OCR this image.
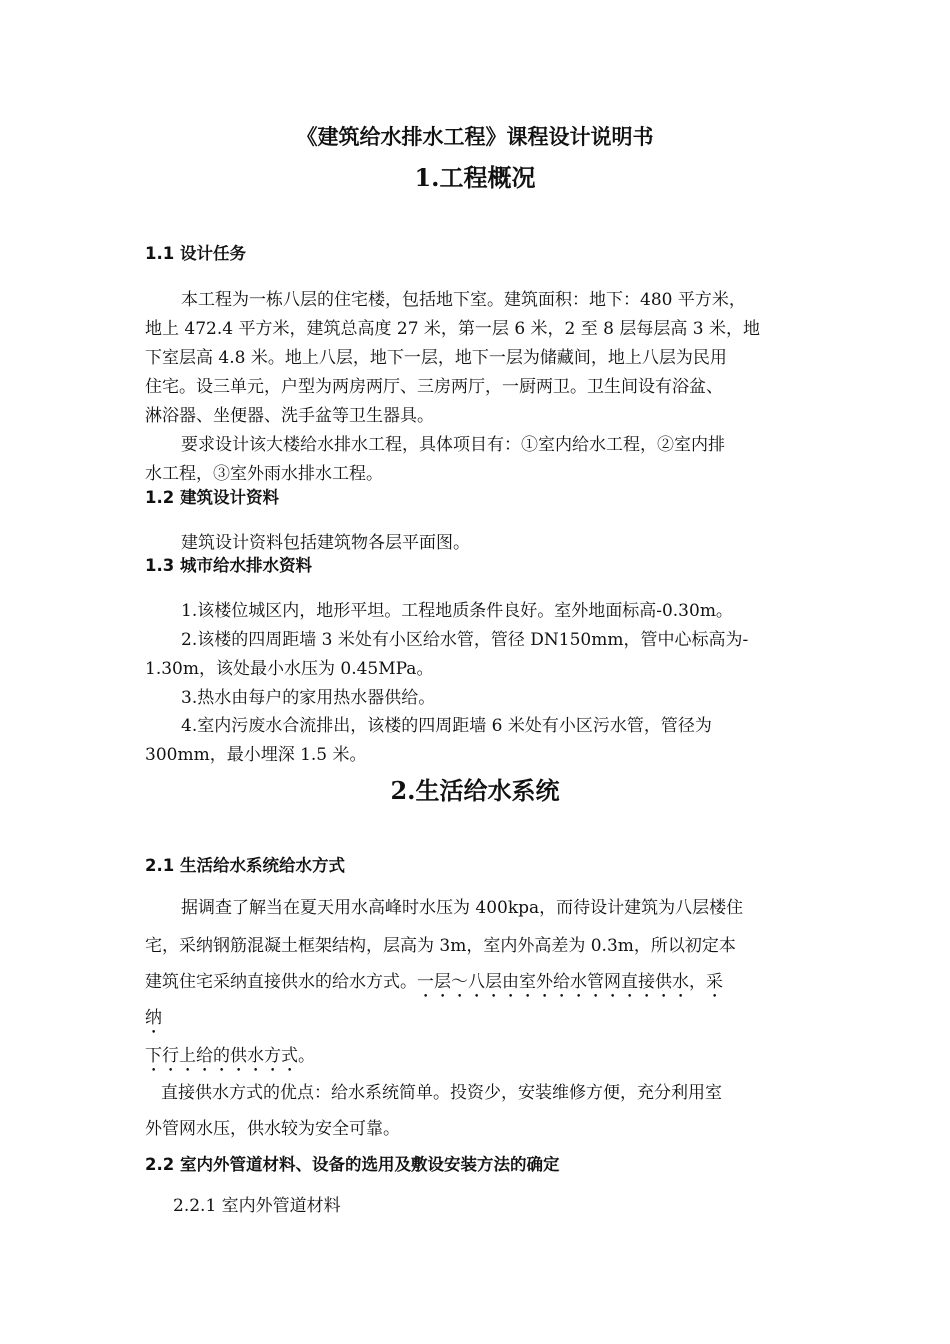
《建筑给水排水工程》课程设计说明书
1.工程概况
1.1 设计任务
本工程为一栋八层的住宅楼，包括地下室。建筑面积：地下：480 平方米，
地上 472.4 平方米，建筑总高度 27 米，第一层 6 米，2 至 8 层每层高 3 米，地
下室层高 4.8 米。地上八层，地下一层，地下一层为储藏间，地上八层为民用
住宅。设三单元，户型为两房两厅、三房两厅，一厨两卫。卫生间设有浴盆、
淋浴器、坐便器、洗手盆等卫生器具。
要求设计该大楼给水排水工程，具体项目有：①室内给水工程，②室内排
水工程，③室外雨水排水工程。
1.2 建筑设计资料
建筑设计资料包括建筑物各层平面图。
1.3 城市给水排水资料
1.该楼位城区内，地形平坦。工程地质条件良好。室外地面标高-0.30m。
2.该楼的四周距墙 3 米处有小区给水管，管径 DN150mm，管中心标高为-
1.30m，该处最小水压为 0.45MPa。
3.热水由每户的家用热水器供给。
4.室内污废水合流排出，该楼的四周距墙 6 米处有小区污水管，管径为
300mm，最小埋深 1.5 米。
2.生活给水系统
2.1 生活给水系统给水方式
据调查了解当在夏天用水高峰时水压为 400kpa，而待设计建筑为八层楼住
宅，采纳钢筋混凝土框架结构，层高为 3m，室内外高差为 0.3m，所以初定本
建筑住宅采纳直接供水的给水方式。一层～八层由室外给水管网直接供水，采
纳
下行上给的供水方式。
直接供水方式的优点：给水系统简单。投资少，安装维修方便，充分利用室
外管网水压，供水较为安全可靠。
2.2 室内外管道材料、设备的选用及敷设安装方法的确定
2.2.1 室内外管道材料
